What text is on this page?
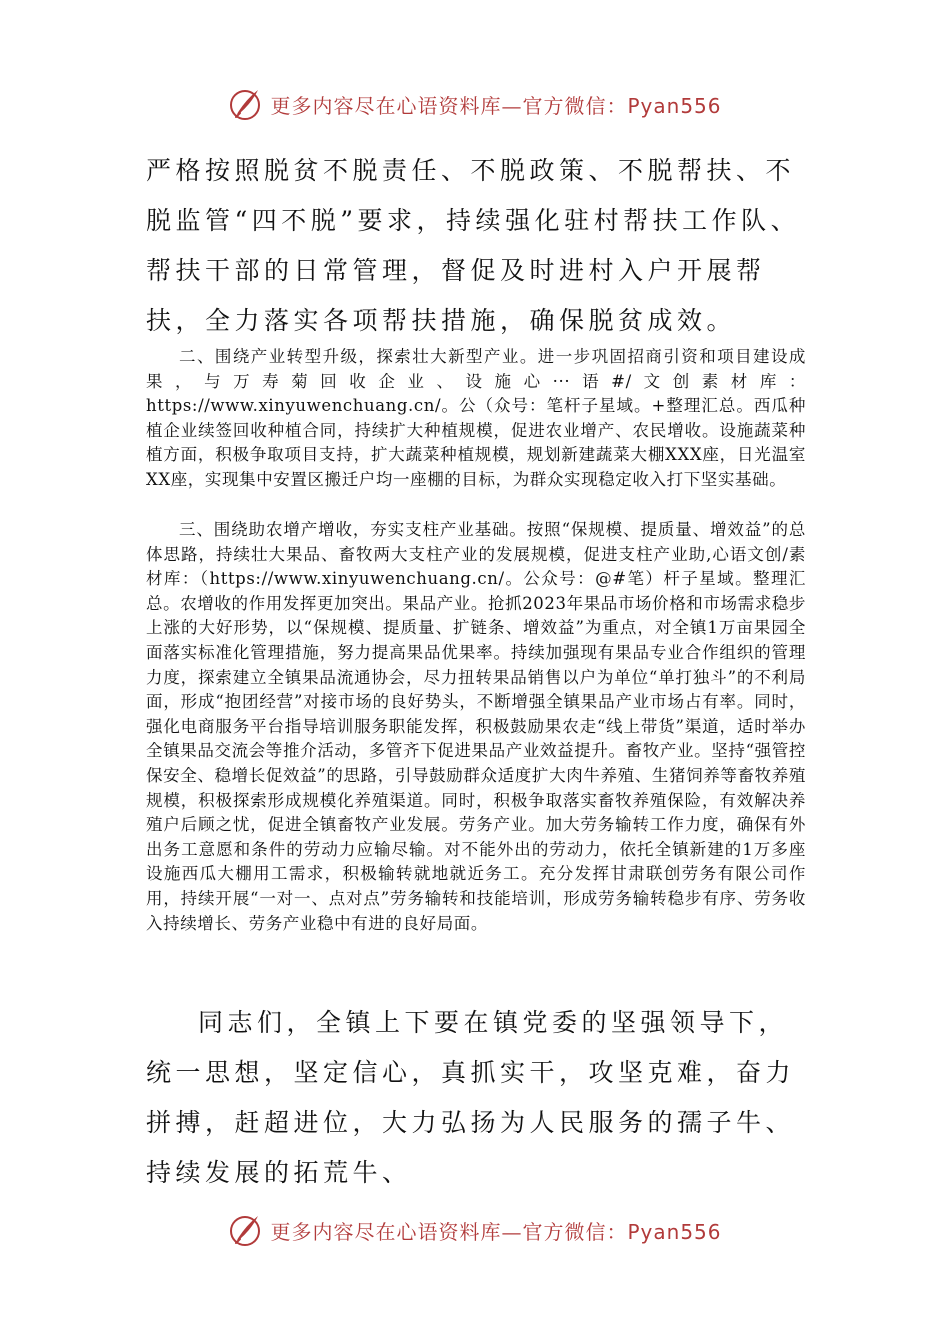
更多内容尽在心语资料库—官方微信：Pyan556

严格按照脱贫不脱责任、不脱政策、不脱帮扶、不脱监管“四不脱”要求，持续强化驻村帮扶工作队、帮扶干部的日常管理，督促及时进村入户开展帮扶，全力落实各项帮扶措施，确保脱贫成效。

二、围绕产业转型升级，探索壮大新型产业。进一步巩固招商引资和项目建设成果，与万寿菊回收企业、设施心···语#/文创素材库：https://www.xinyuwenchuang.cn/。公（众号：笔杆子星域。+整理汇总。西瓜种植企业续签回收种植合同，持续扩大种植规模，促进农业增产、农民增收。设施蔬菜种植方面，积极争取项目支持，扩大蔬菜种植规模，规划新建蔬菜大棚XXX座，日光温室XX座，实现集中安置区搬迁户均一座棚的目标，为群众实现稳定收入打下坚实基础。

三、围绕助农增产增收，夯实支柱产业基础。按照“保规模、提质量、增效益”的总体思路，持续壮大果品、畜牧两大支柱产业的发展规模，促进支柱产业助,心语文创/素材库：（https://www.xinyuwenchuang.cn/。公众号：@#笔）杆子星域。整理汇总。农增收的作用发挥更加突出。果品产业。抢抓2023年果品市场价格和市场需求稳步上涨的大好形势，以“保规模、提质量、扩链条、增效益”为重点，对全镇1万亩果园全面落实标准化管理措施，努力提高果品优果率。持续加强现有果品专业合作组织的管理力度，探索建立全镇果品流通协会，尽力扭转果品销售以户为单位“单打独斗”的不利局面，形成“抱团经营”对接市场的良好势头，不断增强全镇果品产业市场占有率。同时，强化电商服务平台指导培训服务职能发挥，积极鼓励果农走“线上带货”渠道，适时举办全镇果品交流会等推介活动，多管齐下促进果品产业效益提升。畜牧产业。坚持“强管控保安全、稳增长促效益”的思路，引导鼓励群众适度扩大肉牛养殖、生猪饲养等畜牧养殖规模，积极探索形成规模化养殖渠道。同时，积极争取落实畜牧养殖保险，有效解决养殖户后顾之忧，促进全镇畜牧产业发展。劳务产业。加大劳务输转工作力度，确保有外出务工意愿和条件的劳动力应输尽输。对不能外出的劳动力，依托全镇新建的1万多座设施西瓜大棚用工需求，积极输转就地就近务工。充分发挥甘肃联创劳务有限公司作用，持续开展“一对一、点对点”劳务输转和技能培训，形成劳务输转稳步有序、劳务收入持续增长、劳务产业稳中有进的良好局面。

同志们，全镇上下要在镇党委的坚强领导下，统一思想，坚定信心，真抓实干，攻坚克难，奋力拼搏，赶超进位，大力弘扬为人民服务的孺子牛、持续发展的拓荒牛、

更多内容尽在心语资料库—官方微信：Pyan556
